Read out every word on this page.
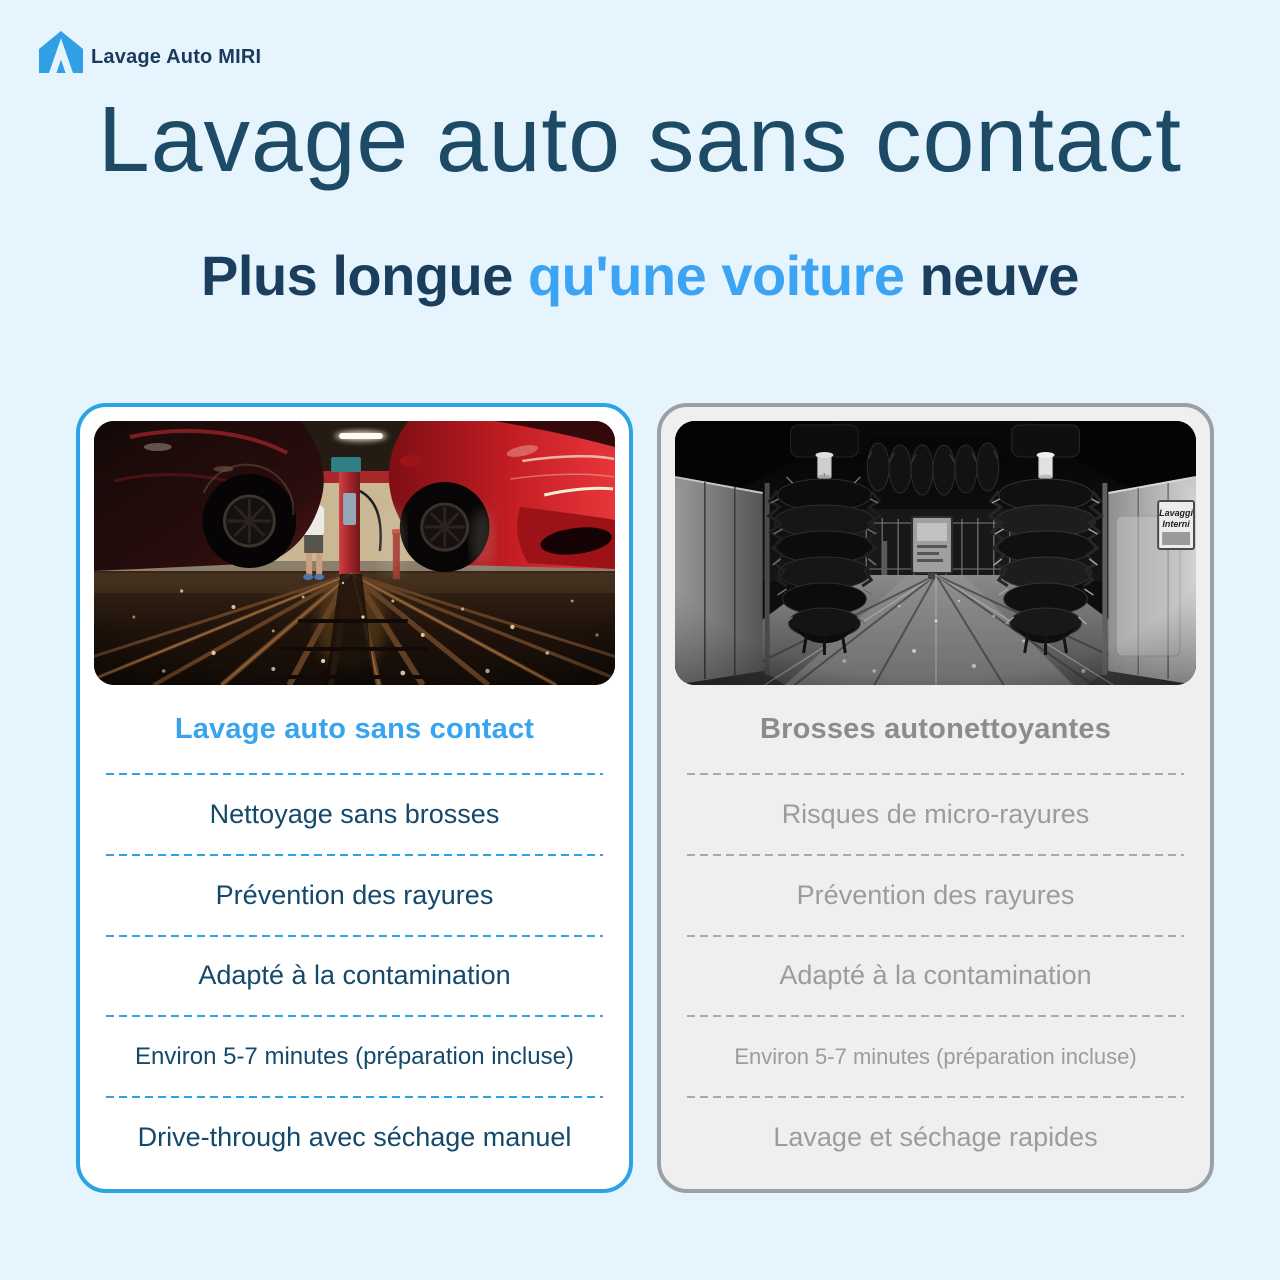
Lavage Auto MIRI
Lavage auto sans contact
Plus longue qu'une voiture neuve
Lavage auto sans contact
Nettoyage sans brosses
Prévention des rayures
Adapté à la contamination
Environ 5-7 minutes (préparation incluse)
Drive-through avec séchage manuel
Brosses autonettoyantes
Risques de micro-rayures
Prévention des rayures
Adapté à la contamination
Environ 5-7 minutes (préparation incluse)
Lavage et séchage rapides
